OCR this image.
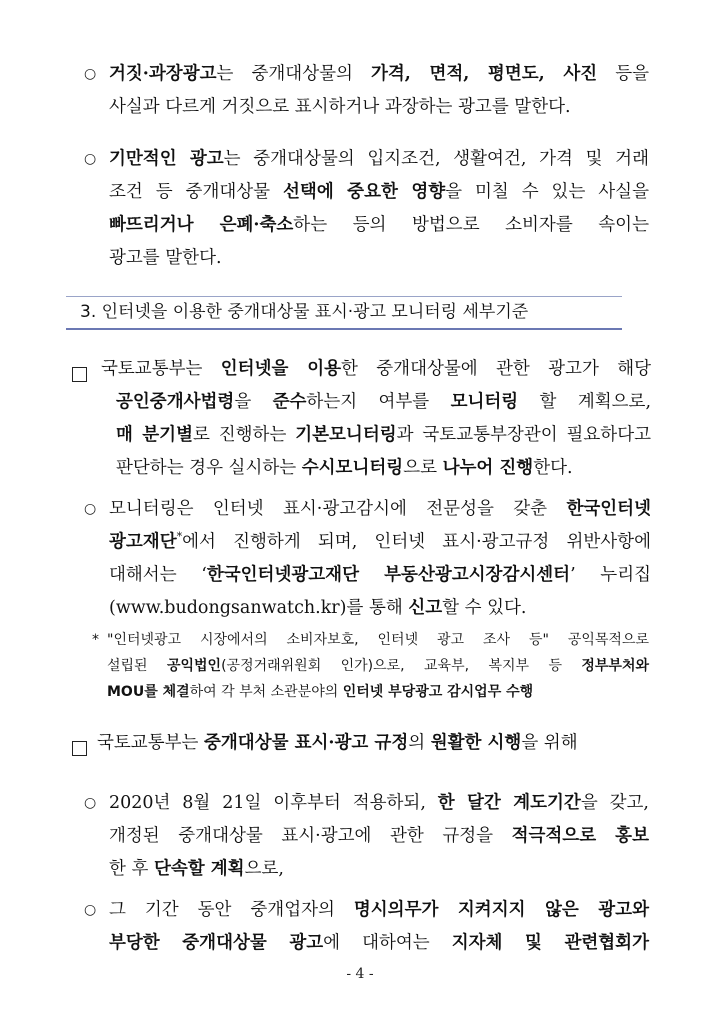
○ 거짓·과장광고는 중개대상물의 가격, 면적, 평면도, 사진 등을
사실과 다르게 거짓으로 표시하거나 과장하는 광고를 말한다.
○ 기만적인 광고는 중개대상물의 입지조건, 생활여건, 가격 및 거래
조건 등 중개대상물 선택에 중요한 영향을 미칠 수 있는 사실을
빠뜨리거나 은폐·축소하는 등의 방법으로 소비자를 속이는
광고를 말한다.
3. 인터넷을 이용한 중개대상물 표시·광고 모니터링 세부기준
국토교통부는 인터넷을 이용한 중개대상물에 관한 광고가 해당
공인중개사법령을 준수하는지 여부를 모니터링 할 계획으로,
매 분기별로 진행하는 기본모니터링과 국토교통부장관이 필요하다고
판단하는 경우 실시하는 수시모니터링으로 나누어 진행한다.
○ 모니터링은 인터넷 표시·광고감시에 전문성을 갖춘 한국인터넷
광고재단*에서 진행하게 되며, 인터넷 표시·광고규정 위반사항에
대해서는 ‘한국인터넷광고재단 부동산광고시장감시센터’ 누리집
(www.budongsanwatch.kr)를 통해 신고할 수 있다.
* "인터넷광고 시장에서의 소비자보호, 인터넷 광고 조사 등" 공익목적으로
설립된 공익법인(공정거래위원회 인가)으로, 교육부, 복지부 등 정부부처와
MOU를 체결하여 각 부처 소관분야의 인터넷 부당광고 감시업무 수행
국토교통부는 중개대상물 표시·광고 규정의 원활한 시행을 위해
○ 2020년 8월 21일 이후부터 적용하되, 한 달간 계도기간을 갖고,
개정된 중개대상물 표시·광고에 관한 규정을 적극적으로 홍보
한 후 단속할 계획으로,
○ 그 기간 동안 중개업자의 명시의무가 지켜지지 않은 광고와
부당한 중개대상물 광고에 대하여는 지자체 및 관련협회가
- 4 -
